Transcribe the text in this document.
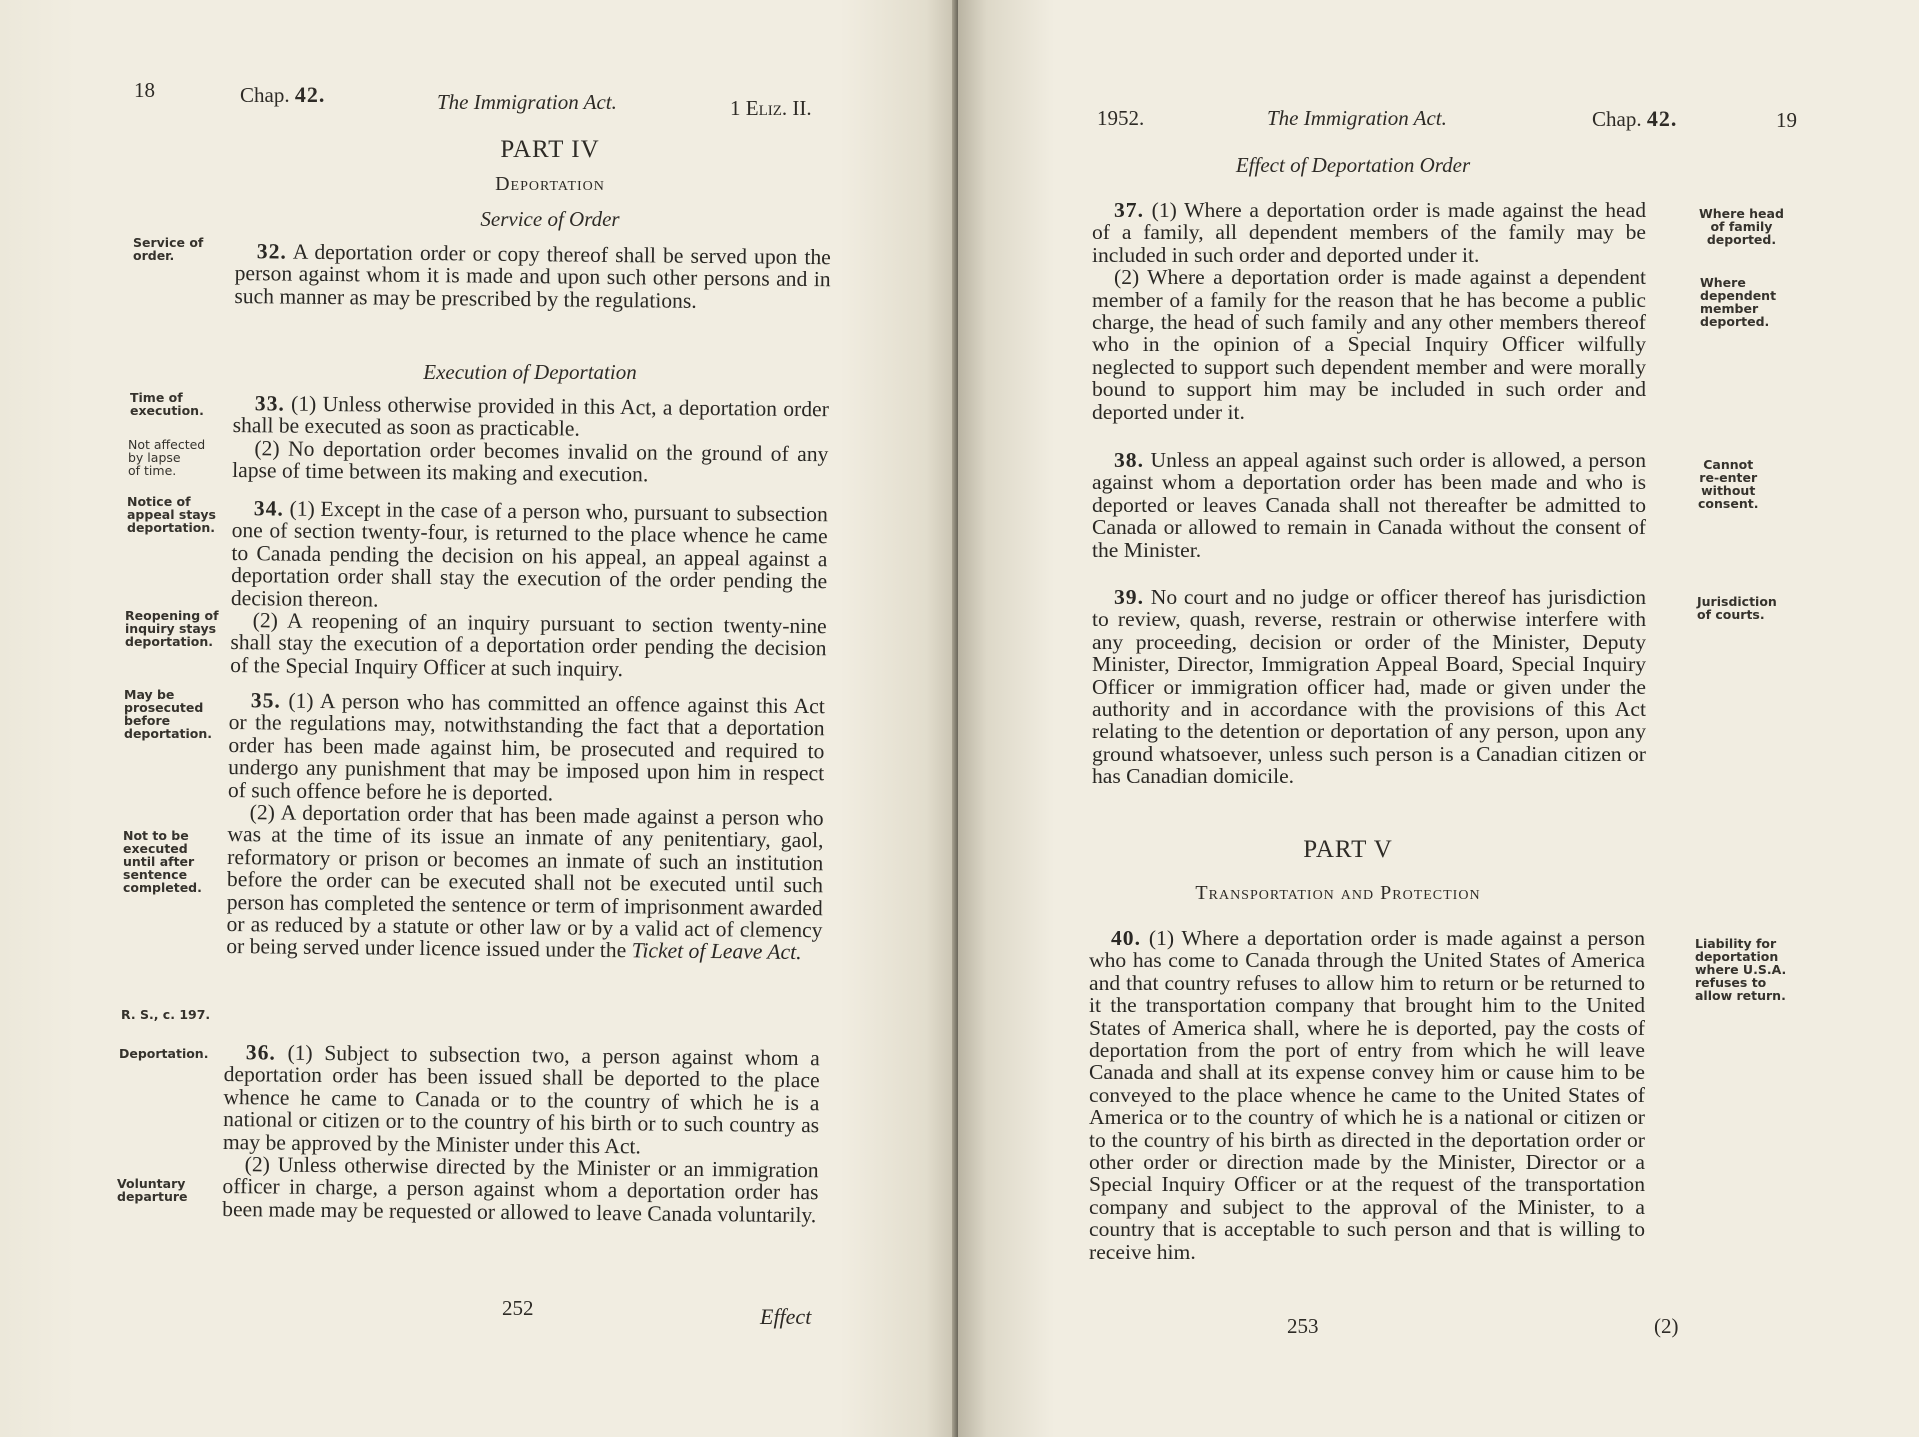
18	Chap. 42.	The Immigration Act.	1 Eliz. II.
PART IV
Deportation
Service of Order
Service of
order.	32. A deportation order or copy thereof shall be served upon the person against whom it is made and upon such other persons and in such manner as may be prescribed by the regulations.

Execution of Deportation
Time of
execution.
Not affected
by lapse
of time.

33. (1) Unless otherwise provided in this Act, a deportation order shall be executed as soon as practicable.

(2) No deportation order becomes invalid on the ground of any lapse of time between its making and execution.

Notice of
appeal stays
deportation.

34. (1) Except in the case of a person who, pursuant to subsection one of section twenty-four, is returned to the place whence he came to Canada pending the decision on his appeal, an appeal against a deportation order shall stay the execution of the order pending the decision thereon.

(2) A reopening of an inquiry pursuant to section twenty-nine shall stay the execution of a deportation order pending the decision of the Special Inquiry Officer at such inquiry.

Reopening of
inquiry stays
deportation.
May be
prosecuted
before
deportation.

35. (1) A person who has committed an offence against this Act or the regulations may, notwithstanding the fact that a deportation order has been made against him, be prosecuted and required to undergo any punishment that may be imposed upon him in respect of such offence before he is deported.

(2) A deportation order that has been made against a person who was at the time of its issue an inmate of any penitentiary, gaol, reformatory or prison or becomes an inmate of such an institution before the order can be executed shall not be executed until such person has completed the sentence or term of imprisonment awarded or as reduced by a statute or other law or by a valid act of clemency or being served under licence issued under the Ticket of Leave Act.

Not to be
executed
until after
sentence
completed.
R. S., c. 197.
Deportation.	36. (1) Subject to subsection two, a person against whom a deportation order has been issued shall be deported to the place whence he came to Canada or to the country of which he is a national or citizen or to the country of his birth or to such country as may be approved by the Minister under this Act.

(2) Unless otherwise directed by the Minister or an immigration officer in charge, a person against whom a deportation order has been made may be requested or allowed to leave Canada voluntarily.

Voluntary
departure
252	Effect
1952.	The Immigration Act.	Chap. 42.	19
Effect of Deportation Order

37. (1) Where a deportation order is made against the head of a family, all dependent members of the family may be included in such order and deported under it.

(2) Where a deportation order is made against a dependent member of a family for the reason that he has become a public charge, the head of such family and any other members thereof who in the opinion of a Special Inquiry Officer wilfully neglected to support such dependent member and were morally bound to support him may be included in such order and deported under it.

Where head
of family
deported.
Where
dependent
member
deported.

38. Unless an appeal against such order is allowed, a person against whom a deportation order has been made and who is deported or leaves Canada shall not thereafter be admitted to Canada or allowed to remain in Canada without the consent of the Minister.

Cannot
re-enter
without
consent.

39. No court and no judge or officer thereof has jurisdiction to review, quash, reverse, restrain or otherwise interfere with any proceeding, decision or order of the Minister, Deputy Minister, Director, Immigration Appeal Board, Special Inquiry Officer or immigration officer had, made or given under the authority and in accordance with the provisions of this Act relating to the detention or deportation of any person, upon any ground whatsoever, unless such person is a Canadian citizen or has Canadian domicile.

Jurisdiction
of courts.
PART V
Transportation and Protection

40. (1) Where a deportation order is made against a person who has come to Canada through the United States of America and that country refuses to allow him to return or be returned to it the transportation company that brought him to the United States of America shall, where he is deported, pay the costs of deportation from the port of entry from which he will leave Canada and shall at its expense convey him or cause him to be conveyed to the place whence he came to the United States of America or to the country of which he is a national or citizen or to the country of his birth as directed in the deportation order or other order or direction made by the Minister, Director or a Special Inquiry Officer or at the request of the transportation company and subject to the approval of the Minister, to a country that is acceptable to such person and that is willing to receive him.

Liability for
deportation
where U.S.A.
refuses to
allow return.
253	(2)
